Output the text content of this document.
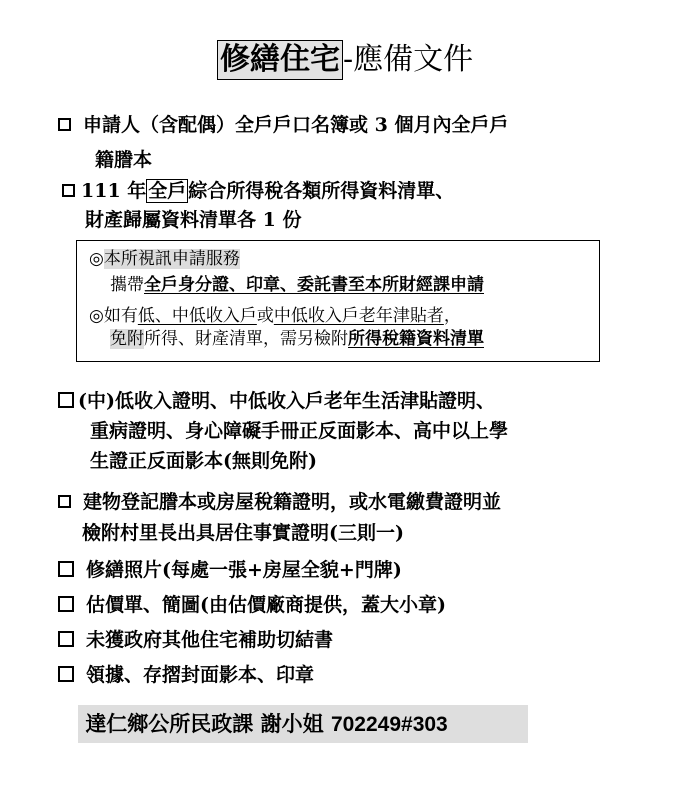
修繕住宅 -應備文件
申請人（含配偶）全戶戶口名簿或 3 個月內全戶戶
籍謄本
111 年 全戶 綜合所得稅各類所得資料清單、
財產歸屬資料清單各 1 份
◎本所視訊申請服務
攜帶全戶身分證、印章、委託書至本所財經課申請
◎如有低、中低收入戶或中低收入戶老年津貼者，
免附所得、財產清單，需另檢附所得稅籍資料清單
(中)低收入證明、中低收入戶老年生活津貼證明、
重病證明、身心障礙手冊正反面影本、高中以上學
生證正反面影本(無則免附)
建物登記謄本或房屋稅籍證明，或水電繳費證明並
檢附村里長出具居住事實證明(三則一)
修繕照片(每處一張+房屋全貌+門牌)
估價單、簡圖(由估價廠商提供，蓋大小章)
未獲政府其他住宅補助切結書
領據、存摺封面影本、印章
達仁鄉公所民政課 謝小姐 702249#303
